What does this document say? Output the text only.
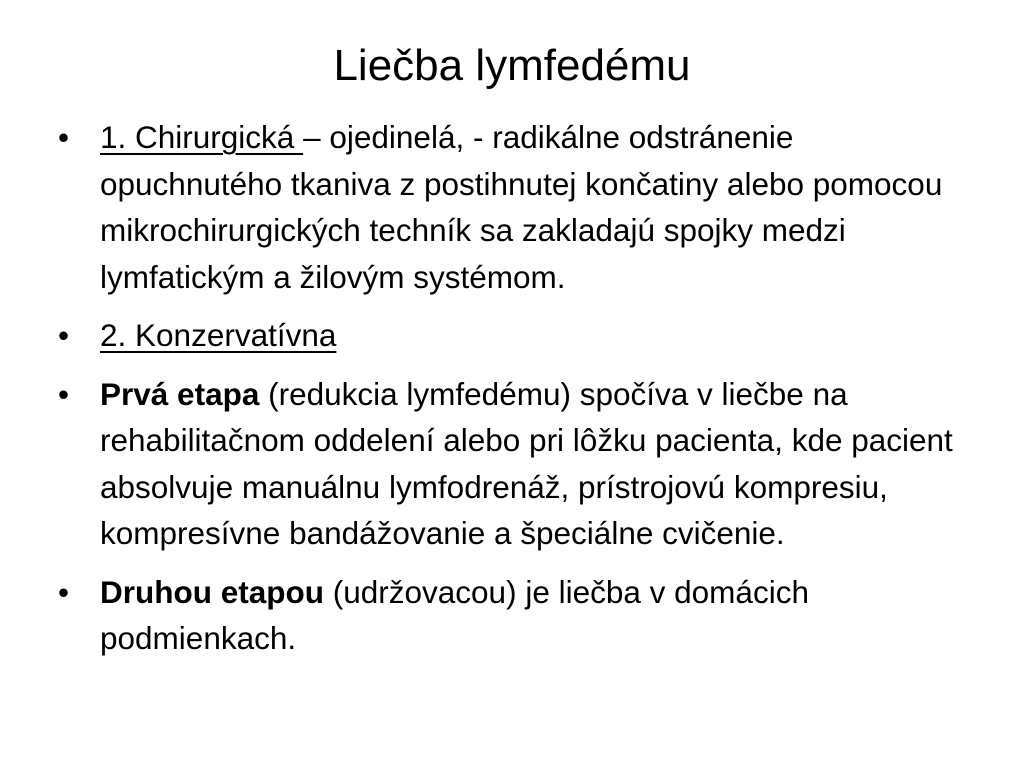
Liečba lymfedému
• 1. Chirurgická – ojedinelá, - radikálne odstránenie opuchnutého tkaniva z postihnutej končatiny alebo pomocou mikrochirurgických techník sa zakladajú spojky medzi lymfatickým a žilovým systémom.
• 2. Konzervatívna
• Prvá etapa (redukcia lymfedému) spočíva v liečbe na rehabilitačnom oddelení alebo pri lôžku pacienta, kde pacient absolvuje manuálnu lymfodrenáž, prístrojovú kompresiu, kompresívne bandážovanie a špeciálne cvičenie.
• Druhou etapou (udržovacou) je liečba v domácich podmienkach.
